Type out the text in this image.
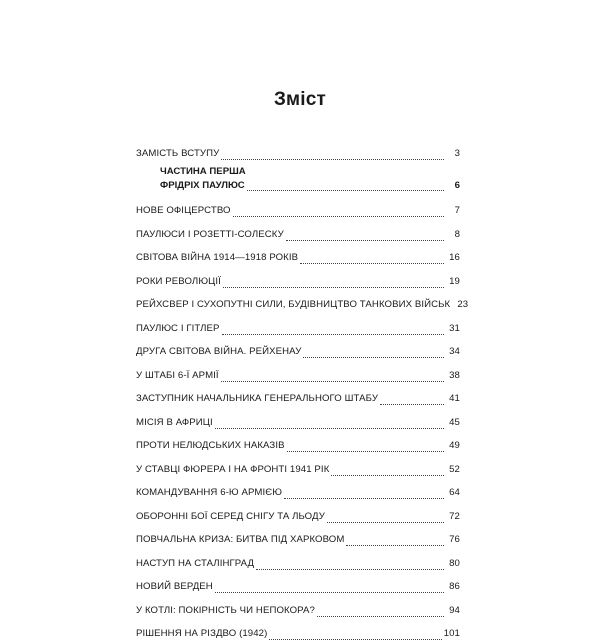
Зміст
ЗАМІСТЬ ВСТУПУ	3
ЧАСТИНА ПЕРША
ФРІДРІХ ПАУЛЮС	6
НОВЕ ОФІЦЕРСТВО	7
ПАУЛЮСИ І РОЗЕТТІ-СОЛЕСКУ	8
СВІТОВА ВІЙНА 1914—1918 РОКІВ	16
РОКИ РЕВОЛЮЦІЇ	19
РЕЙХСВЕР І СУХОПУТНІ СИЛИ, БУДІВНИЦТВО ТАНКОВИХ ВІЙСЬК 23
ПАУЛЮС І ГІТЛЕР	31
ДРУГА СВІТОВА ВІЙНА. РЕЙХЕНАУ	34
У ШТАБІ 6-Ї АРМІЇ	38
ЗАСТУПНИК НАЧАЛЬНИКА ГЕНЕРАЛЬНОГО ШТАБУ	41
МІСІЯ В АФРИЦІ	45
ПРОТИ НЕЛЮДСЬКИХ НАКАЗІВ	49
У СТАВЦІ ФЮРЕРА І НА ФРОНТІ 1941 РІК	52
КОМАНДУВАННЯ 6-Ю АРМІЄЮ	64
ОБОРОННІ БОЇ СЕРЕД СНІГУ ТА ЛЬОДУ	72
ПОВЧАЛЬНА КРИЗА: БИТВА ПІД ХАРКОВОМ	76
НАСТУП НА СТАЛІНГРАД	80
НОВИЙ ВЕРДЕН	86
У КОТЛІ: ПОКІРНІСТЬ ЧИ НЕПОКОРА?	94
РІШЕННЯ НА РІЗДВО (1942)	101
